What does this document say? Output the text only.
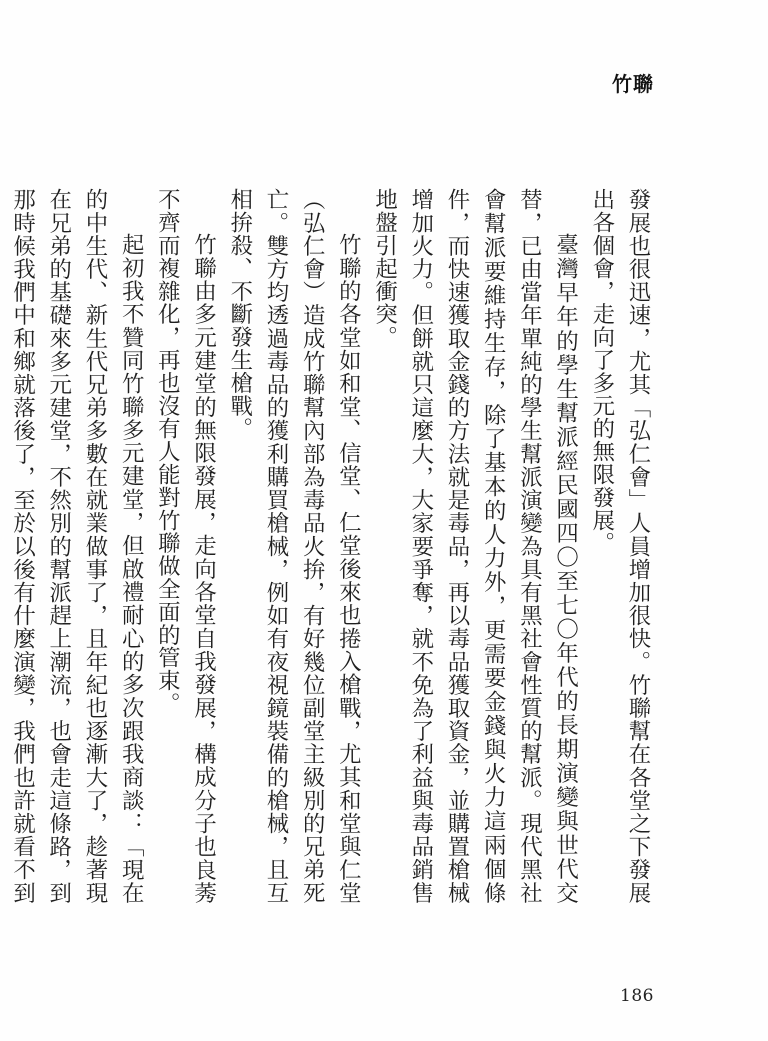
竹聯

發展也很迅速，尤其「弘仁會」人員增加很快。竹聯幫在各堂之下發展出各個會，走向了多元的無限發展。

臺灣早年的學生幫派經民國四〇至七〇年代的長期演變與世代交替，已由當年單純的學生幫派演變為具有黑社會性質的幫派。現代黑社會幫派要維持生存，除了基本的人力外，更需要金錢與火力這兩個條件，而快速獲取金錢的方法就是毒品，再以毒品獲取資金，並購置槍械增加火力。但餅就只這麼大，大家要爭奪，就不免為了利益與毒品銷售地盤引起衝突。

竹聯的各堂如和堂、信堂、仁堂後來也捲入槍戰，尤其和堂與仁堂（弘仁會）造成竹聯幫內部為毒品火拚，有好幾位副堂主級別的兄弟死亡。雙方均透過毒品的獲利購買槍械，例如有夜視鏡裝備的槍械，且互相拚殺、不斷發生槍戰。

竹聯由多元建堂的無限發展，走向各堂自我發展，構成分子也良莠不齊而複雜化，再也沒有人能對竹聯做全面的管束。

起初我不贊同竹聯多元建堂，但啟禮耐心的多次跟我商談：「現在的中生代、新生代兄弟多數在就業做事了，且年紀也逐漸大了，趁著現在兄弟的基礎來多元建堂，不然別的幫派趕上潮流，也會走這條路，到那時候我們中和鄉就落後了，至於以後有什麼演變，我們也許就看不到

186
